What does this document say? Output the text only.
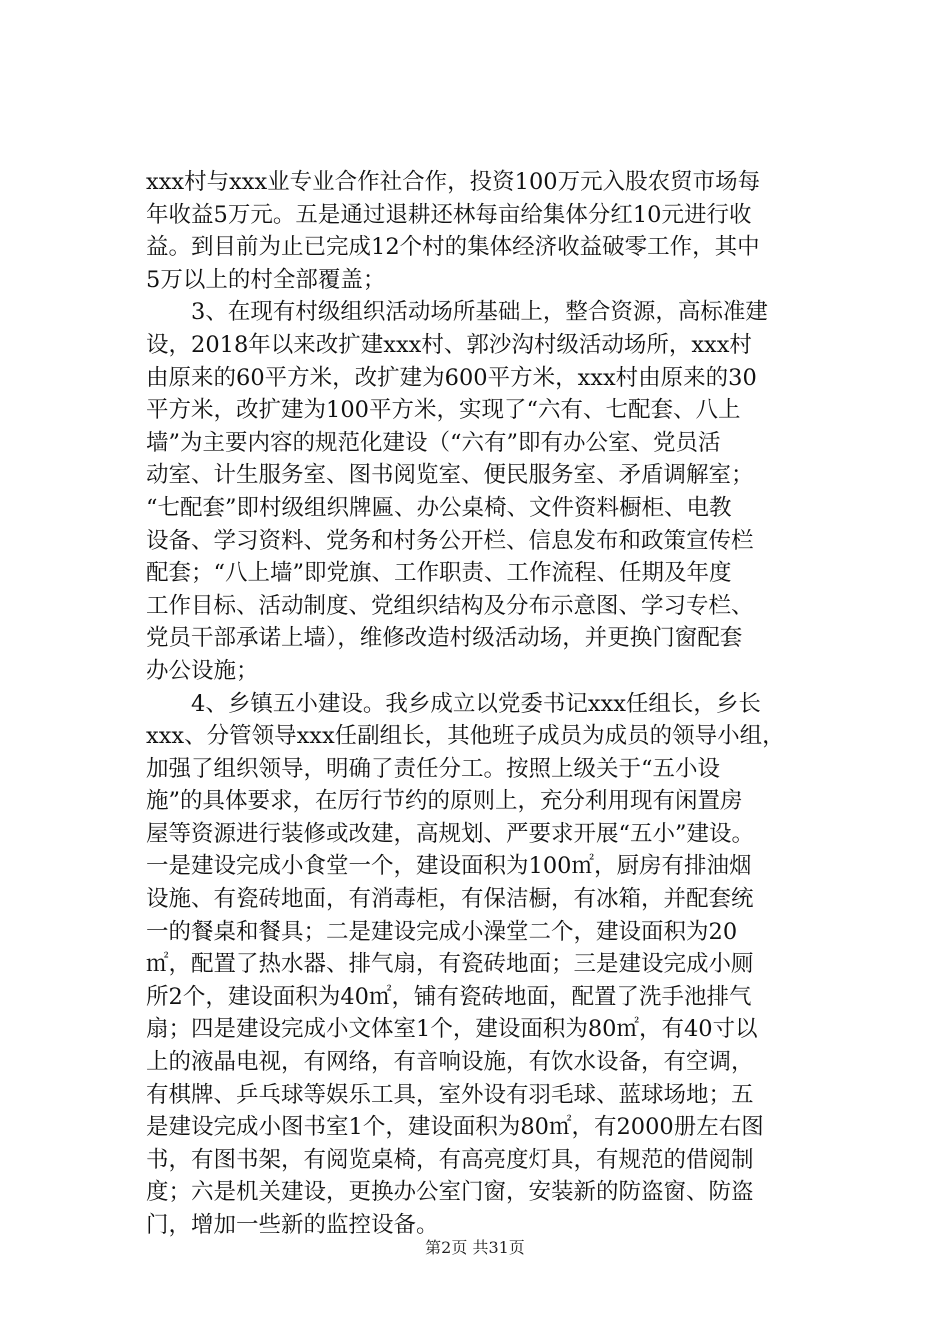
xxx村与xxx业专业合作社合作，投资100万元入股农贸市场每
年收益5万元。五是通过退耕还林每亩给集体分红10元进行收
益。到目前为止已完成12个村的集体经济收益破零工作，其中
5万以上的村全部覆盖；
　　3、在现有村级组织活动场所基础上，整合资源，高标准建
设，2018年以来改扩建xxx村、郭沙沟村级活动场所，xxx村
由原来的60平方米，改扩建为600平方米，xxx村由原来的30
平方米，改扩建为100平方米，实现了“六有、七配套、八上
墙”为主要内容的规范化建设（“六有”即有办公室、党员活
动室、计生服务室、图书阅览室、便民服务室、矛盾调解室；
“七配套”即村级组织牌匾、办公桌椅、文件资料橱柜、电教
设备、学习资料、党务和村务公开栏、信息发布和政策宣传栏
配套；“八上墙”即党旗、工作职责、工作流程、任期及年度
工作目标、活动制度、党组织结构及分布示意图、学习专栏、
党员干部承诺上墙），维修改造村级活动场，并更换门窗配套
办公设施；
　　4、乡镇五小建设。我乡成立以党委书记xxx任组长，乡长
xxx、分管领导xxx任副组长，其他班子成员为成员的领导小组，
加强了组织领导，明确了责任分工。按照上级关于“五小设
施”的具体要求，在厉行节约的原则上，充分利用现有闲置房
屋等资源进行装修或改建，高规划、严要求开展“五小”建设。
一是建设完成小食堂一个，建设面积为100㎡，厨房有排油烟
设施、有瓷砖地面，有消毒柜，有保洁橱，有冰箱，并配套统
一的餐桌和餐具；二是建设完成小澡堂二个，建设面积为20
㎡，配置了热水器、排气扇，有瓷砖地面；三是建设完成小厕
所2个，建设面积为40㎡，铺有瓷砖地面，配置了洗手池排气
扇；四是建设完成小文体室1个，建设面积为80㎡，有40寸以
上的液晶电视，有网络，有音响设施，有饮水设备，有空调，
有棋牌、乒乓球等娱乐工具，室外设有羽毛球、蓝球场地；五
是建设完成小图书室1个，建设面积为80㎡，有2000册左右图
书，有图书架，有阅览桌椅，有高亮度灯具，有规范的借阅制
度；六是机关建设，更换办公室门窗，安装新的防盗窗、防盗
门，增加一些新的监控设备。
第2页 共31页
